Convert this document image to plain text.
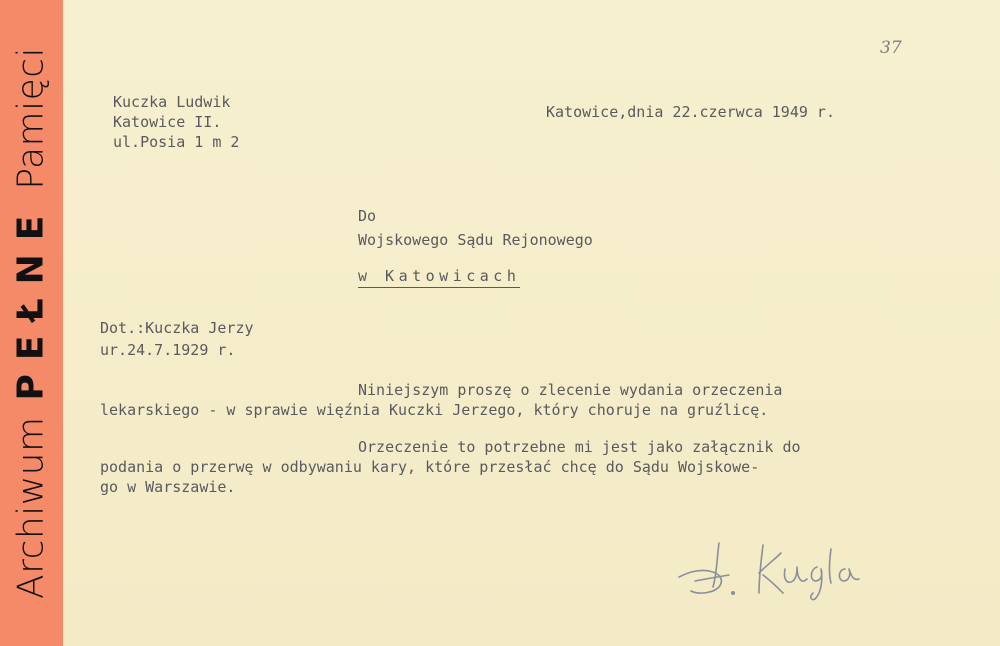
ArchiwumPEŁNEPamięci	37
Kuczka Ludwik
Katowice II.
ul.Posia 1 m 2
Katowice,dnia 22.czerwca 1949 r.
Do
Wojskowego Sądu Rejonowego
w Katowicach
Dot.:Kuczka Jerzy
ur.24.7.1929 r.
Niniejszym proszę o zlecenie wydania orzeczenia
lekarskiego - w sprawie więźnia Kuczki Jerzego, który choruje na gruźlicę.
Orzeczenie to potrzebne mi jest jako załącznik do
podania o przerwę w odbywaniu kary, które przesłać chcę do Sądu Wojskowe-
go w Warszawie.
